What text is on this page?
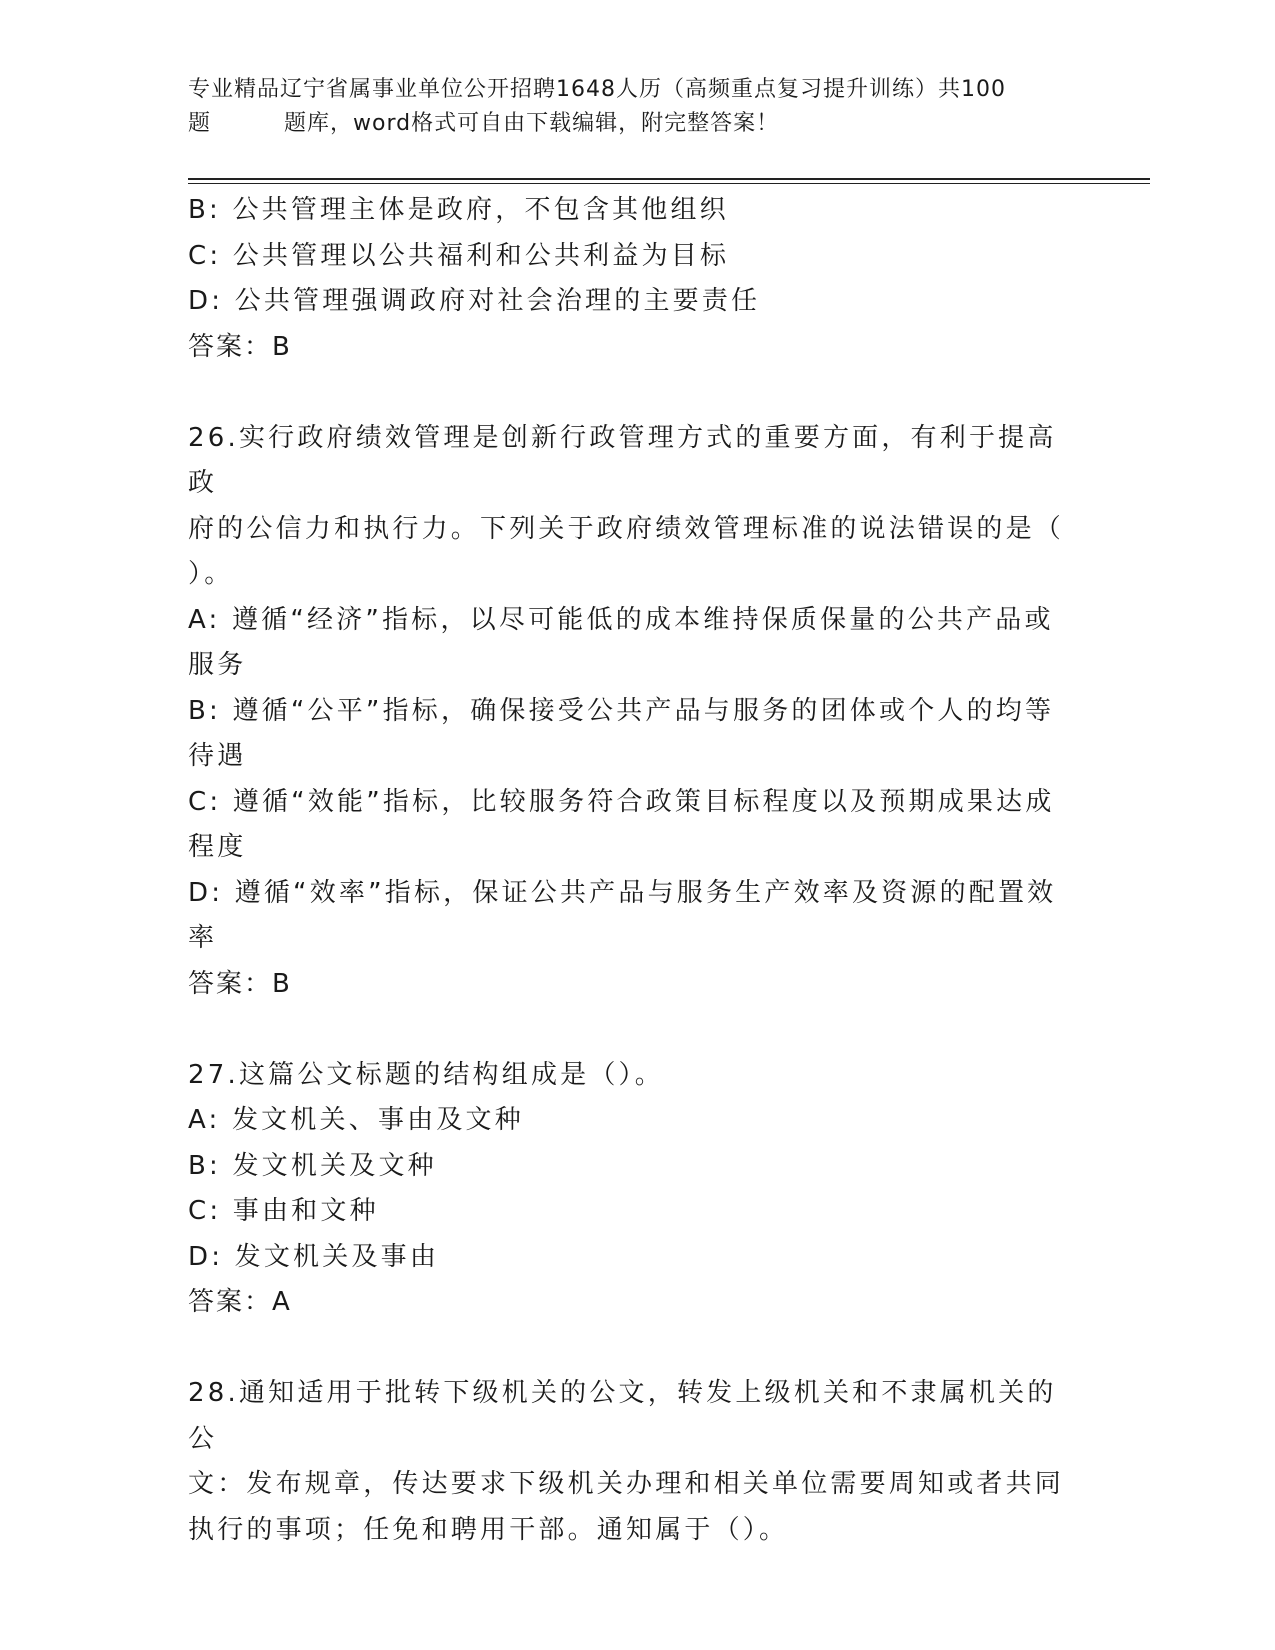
专业精品辽宁省属事业单位公开招聘1648人历（高频重点复习提升训练）共100
题	题库，word格式可自由下载编辑，附完整答案！

B: 公共管理主体是政府，不包含其他组织

C: 公共管理以公共福利和公共利益为目标

D: 公共管理强调政府对社会治理的主要责任

答案：B

26.实行政府绩效管理是创新行政管理方式的重要方面，有利于提高政

府的公信力和执行力。下列关于政府绩效管理标准的说法错误的是（

）。

A: 遵循“经济”指标，以尽可能低的成本维持保质保量的公共产品或

服务

B: 遵循“公平”指标，确保接受公共产品与服务的团体或个人的均等

待遇

C: 遵循“效能”指标，比较服务符合政策目标程度以及预期成果达成

程度

D: 遵循“效率”指标，保证公共产品与服务生产效率及资源的配置效

率

答案：B

27.这篇公文标题的结构组成是（）。

A: 发文机关、事由及文种

B: 发文机关及文种

C: 事由和文种

D: 发文机关及事由

答案：A

28.通知适用于批转下级机关的公文，转发上级机关和不隶属机关的公

文：发布规章，传达要求下级机关办理和相关单位需要周知或者共同

执行的事项；任免和聘用干部。通知属于（）。
